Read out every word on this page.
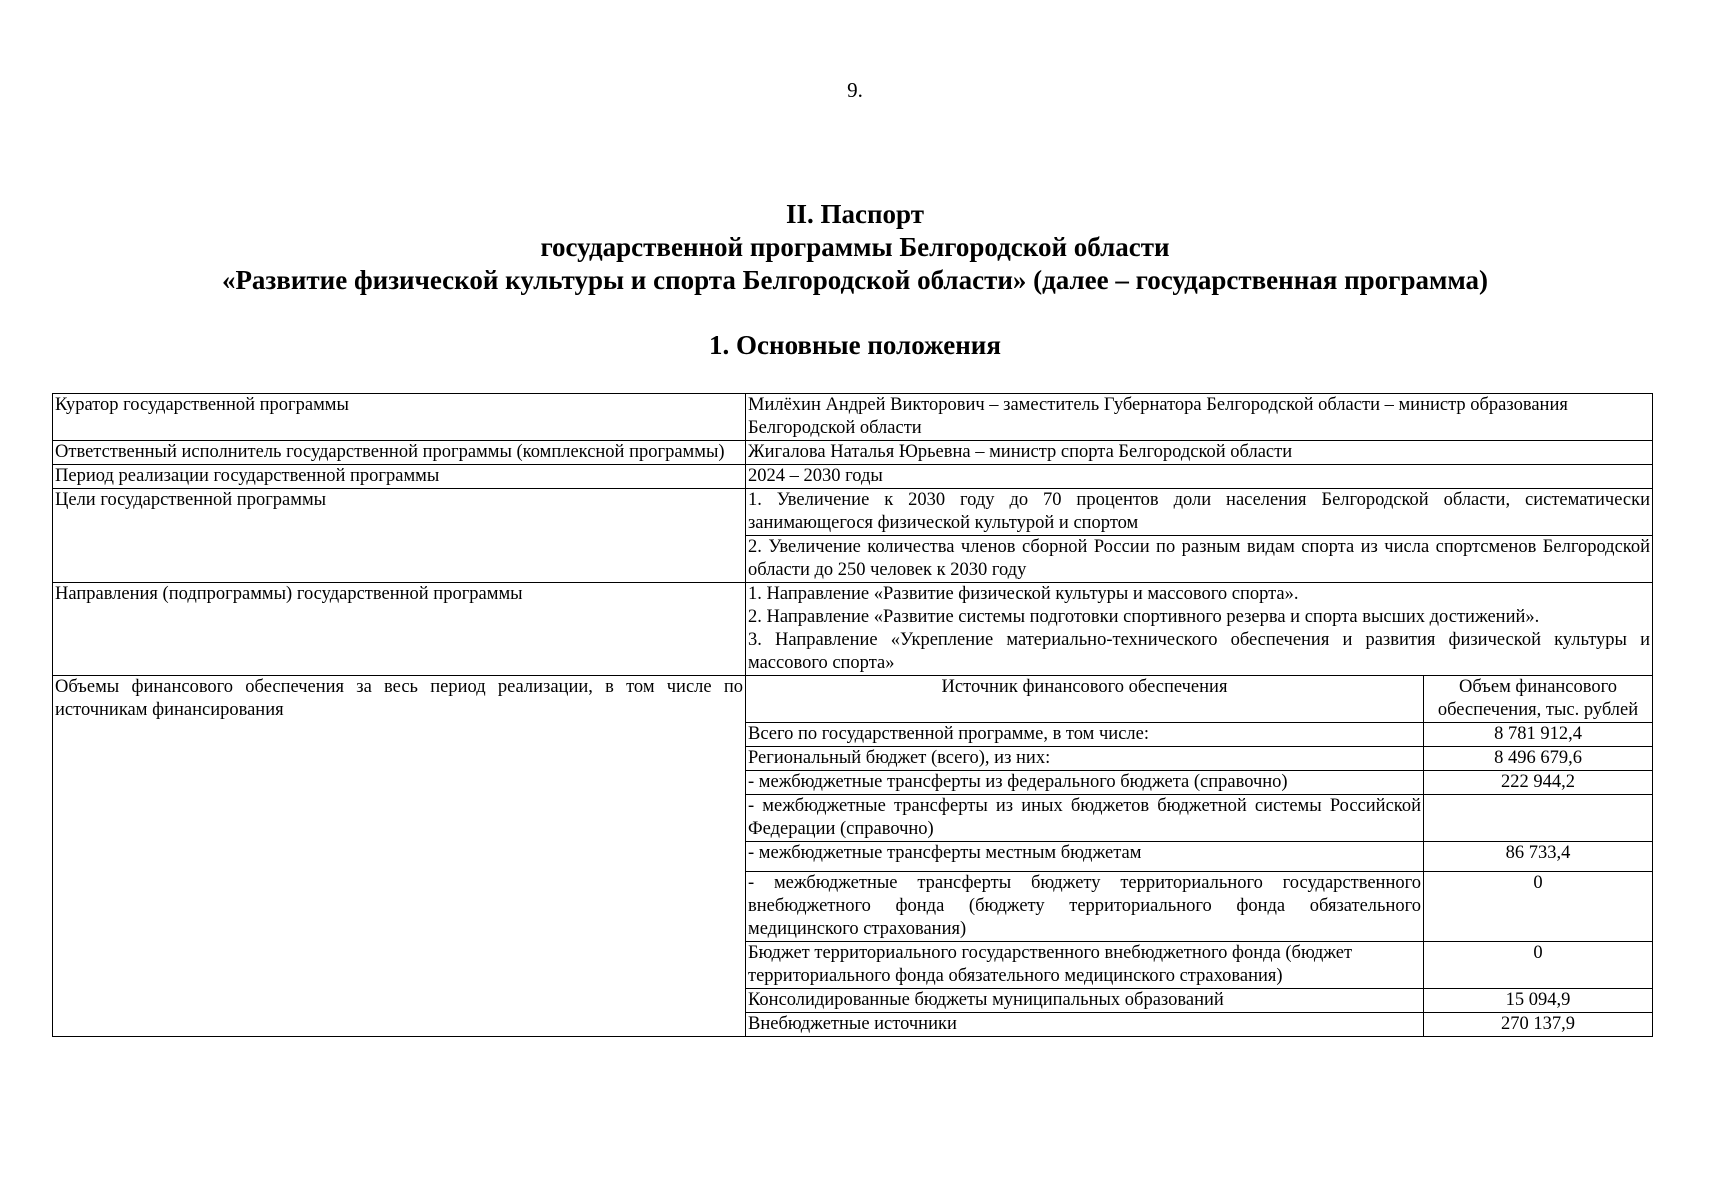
9.
II. Паспорт
государственной программы Белгородской области
«Развитие физической культуры и спорта Белгородской области» (далее – государственная программа)
1. Основные положения
Куратор государственной программы	Милёхин Андрей Викторович – заместитель Губернатора Белгородской области – министр образования Белгородской области
Ответственный исполнитель государственной программы (комплексной программы)	Жигалова Наталья Юрьевна – министр спорта Белгородской области
Период реализации государственной программы	2024 – 2030 годы
Цели государственной программы	1. Увеличение к 2030 году до 70 процентов доли населения Белгородской области, систематически занимающегося физической культурой и спортом
2. Увеличение количества членов сборной России по разным видам спорта из числа спортсменов Белгородской области до 250 человек к 2030 году

Направления (подпрограммы) государственной программы	1. Направление «Развитие физической культуры и массового спорта».
2. Направление «Развитие системы подготовки спортивного резерва и спорта высших достижений».
3. Направление «Укрепление материально-технического обеспечения и развития физической культуры и массового спорта»

Объемы финансового обеспечения за весь период реализации, в том числе по источникам финансирования	
Источник финансового обеспечения	Объем финансового обеспечения, тыс. рублей
Всего по государственной программе, в том числе:	8 781 912,4
Региональный бюджет (всего), из них:	8 496 679,6
- межбюджетные трансферты из федерального бюджета (справочно)	222 944,2
- межбюджетные трансферты из иных бюджетов бюджетной системы Российской Федерации (справочно)	
- межбюджетные трансферты местным бюджетам	86 733,4
- межбюджетные трансферты бюджету территориального государственного внебюджетного фонда (бюджету территориального фонда обязательного медицинского страхования)	0
Бюджет территориального государственного внебюджетного фонда (бюджет территориального фонда обязательного медицинского страхования)	0
Консолидированные бюджеты муниципальных образований	15 094,9
Внебюджетные источники	270 137,9
